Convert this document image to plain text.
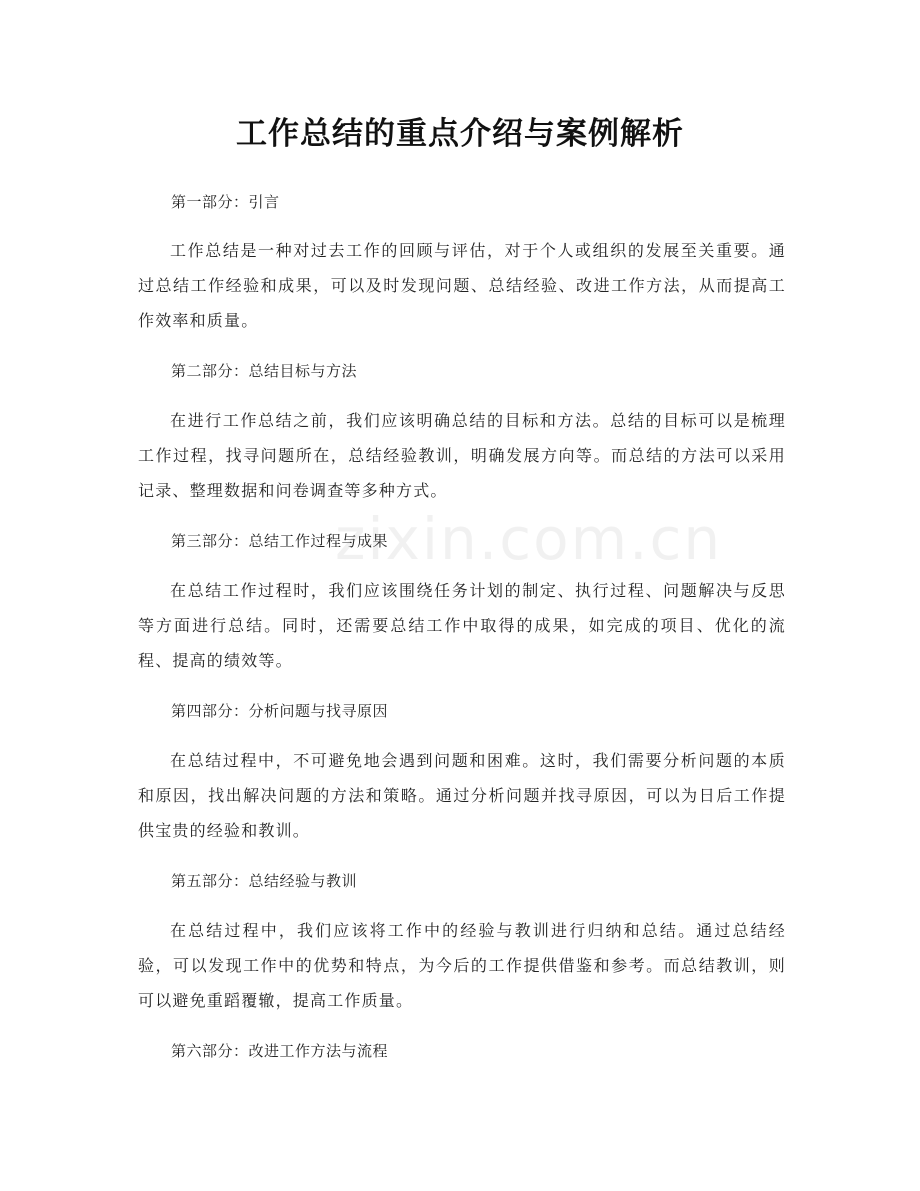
工作总结的重点介绍与案例解析
zixin.com.cn

第一部分：引言

工作总结是一种对过去工作的回顾与评估，对于个人或组织的发展至关重要。通过总结工作经验和成果，可以及时发现问题、总结经验、改进工作方法，从而提高工作效率和质量。

第二部分：总结目标与方法

在进行工作总结之前，我们应该明确总结的目标和方法。总结的目标可以是梳理工作过程，找寻问题所在，总结经验教训，明确发展方向等。而总结的方法可以采用记录、整理数据和问卷调查等多种方式。

第三部分：总结工作过程与成果

在总结工作过程时，我们应该围绕任务计划的制定、执行过程、问题解决与反思等方面进行总结。同时，还需要总结工作中取得的成果，如完成的项目、优化的流程、提高的绩效等。

第四部分：分析问题与找寻原因

在总结过程中，不可避免地会遇到问题和困难。这时，我们需要分析问题的本质和原因，找出解决问题的方法和策略。通过分析问题并找寻原因，可以为日后工作提供宝贵的经验和教训。

第五部分：总结经验与教训

在总结过程中，我们应该将工作中的经验与教训进行归纳和总结。通过总结经验，可以发现工作中的优势和特点，为今后的工作提供借鉴和参考。而总结教训，则可以避免重蹈覆辙，提高工作质量。

第六部分：改进工作方法与流程
